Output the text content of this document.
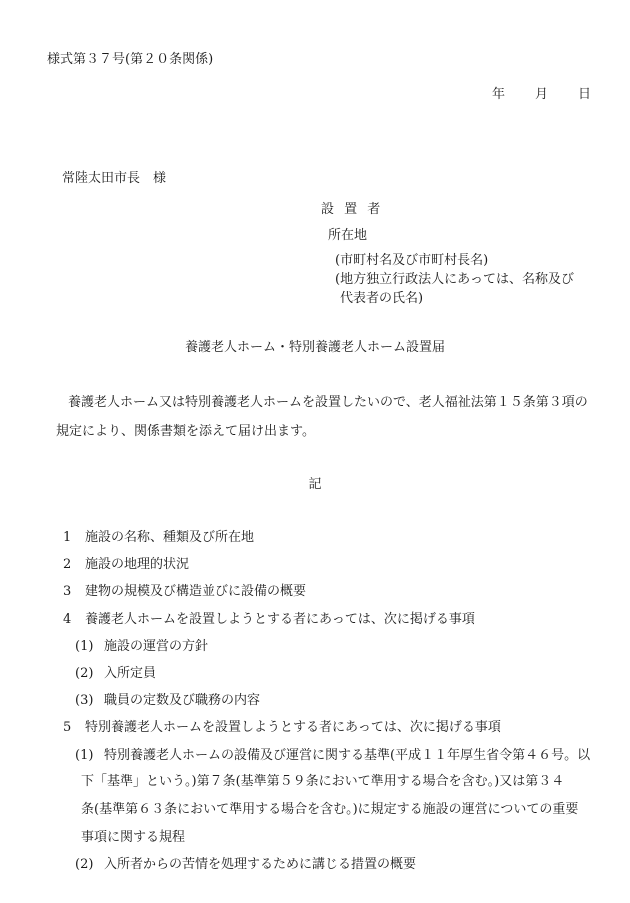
様式第３７号(第２０条関係)
年 月 日
常陸太田市長　様
設 置 者
所在地
(市町村名及び市町村長名)
(地方独立行政法人にあっては、名称及び
代表者の氏名)
養護老人ホーム・特別養護老人ホーム設置届
養護老人ホーム又は特別養護老人ホームを設置したいので、老人福祉法第１５条第３項の
規定により、関係書類を添えて届け出ます。
記
1 施設の名称、種類及び所在地
2 施設の地理的状況
3 建物の規模及び構造並びに設備の概要
4 養護老人ホームを設置しようとする者にあっては、次に掲げる事項
(1) 施設の運営の方針
(2) 入所定員
(3) 職員の定数及び職務の内容
5 特別養護老人ホームを設置しようとする者にあっては、次に掲げる事項
(1) 特別養護老人ホームの設備及び運営に関する基準(平成１１年厚生省令第４６号。以
下「基準」という。)第７条(基準第５９条において準用する場合を含む。)又は第３４
条(基準第６３条において準用する場合を含む。)に規定する施設の運営についての重要
事項に関する規程
(2) 入所者からの苦情を処理するために講じる措置の概要
